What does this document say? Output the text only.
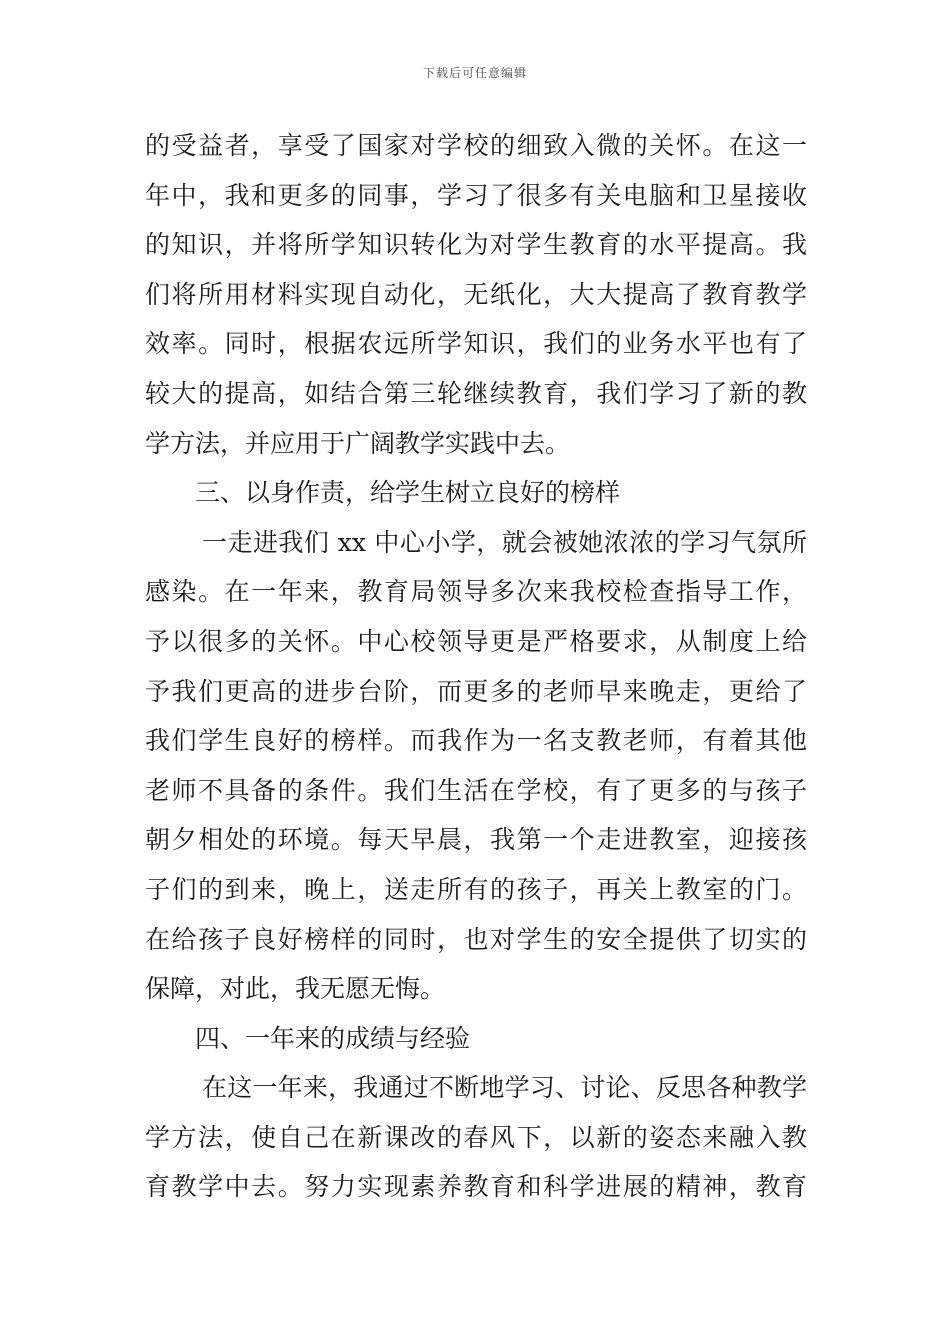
下载后可任意编辑
的受益者，享受了国家对学校的细致入微的关怀。在这一
年中，我和更多的同事，学习了很多有关电脑和卫星接收
的知识，并将所学知识转化为对学生教育的水平提高。我
们将所用材料实现自动化，无纸化，大大提高了教育教学
效率。同时，根据农远所学知识，我们的业务水平也有了
较大的提高，如结合第三轮继续教育，我们学习了新的教
学方法，并应用于广阔教学实践中去。
三、以身作责，给学生树立良好的榜样
一走进我们 xx 中心小学，就会被她浓浓的学习气氛所
感染。在一年来，教育局领导多次来我校检查指导工作，
予以很多的关怀。中心校领导更是严格要求，从制度上给
予我们更高的进步台阶，而更多的老师早来晚走，更给了
我们学生良好的榜样。而我作为一名支教老师，有着其他
老师不具备的条件。我们生活在学校，有了更多的与孩子
朝夕相处的环境。每天早晨，我第一个走进教室，迎接孩
子们的到来，晚上，送走所有的孩子，再关上教室的门。
在给孩子良好榜样的同时，也对学生的安全提供了切实的
保障，对此，我无愿无悔。
四、一年来的成绩与经验
在这一年来，我通过不断地学习、讨论、反思各种教学
学方法，使自己在新课改的春风下，以新的姿态来融入教
育教学中去。努力实现素养教育和科学进展的精神，教育
